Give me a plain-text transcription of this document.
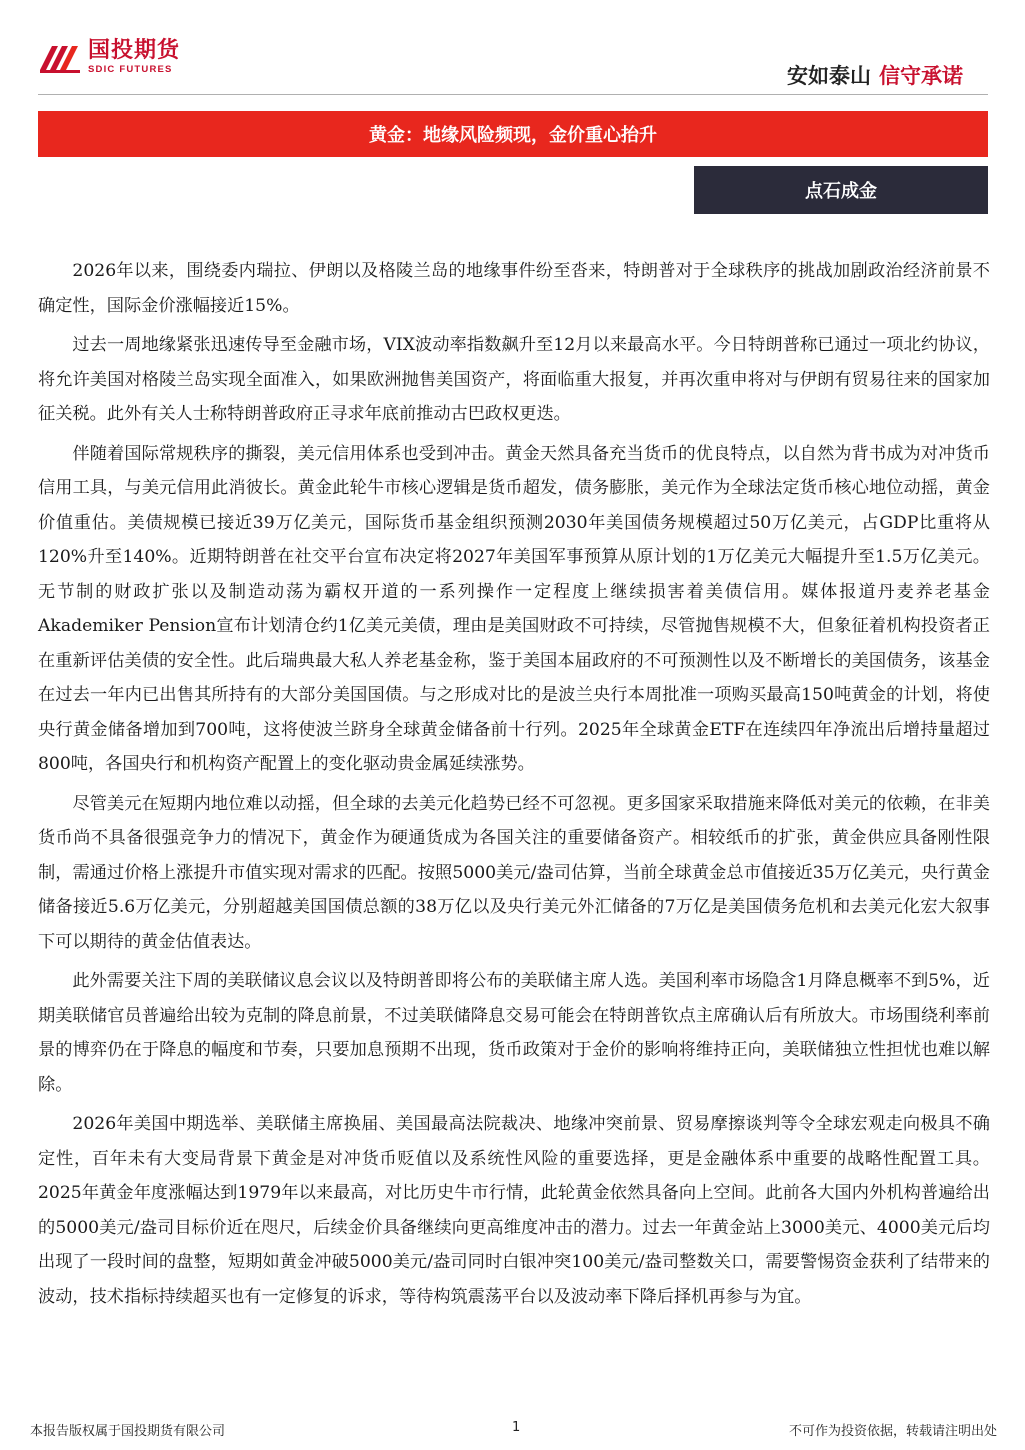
国投期货
SDIC FUTURES	安如泰山 信守承诺
黄金：地缘风险频现，金价重心抬升
点石成金

2026年以来，围绕委内瑞拉、伊朗以及格陵兰岛的地缘事件纷至沓来，特朗普对于全球秩序的挑战加剧政治经济前景不确定性，国际金价涨幅接近15%。

过去一周地缘紧张迅速传导至金融市场，VIX波动率指数飙升至12月以来最高水平。今日特朗普称已通过一项北约协议，将允许美国对格陵兰岛实现全面准入，如果欧洲抛售美国资产，将面临重大报复，并再次重申将对与伊朗有贸易往来的国家加征关税。此外有关人士称特朗普政府正寻求年底前推动古巴政权更迭。

伴随着国际常规秩序的撕裂，美元信用体系也受到冲击。黄金天然具备充当货币的优良特点，以自然为背书成为对冲货币信用工具，与美元信用此消彼长。黄金此轮牛市核心逻辑是货币超发，债务膨胀，美元作为全球法定货币核心地位动摇，黄金价值重估。美债规模已接近39万亿美元，国际货币基金组织预测2030年美国债务规模超过50万亿美元，占GDP比重将从120%升至140%。近期特朗普在社交平台宣布决定将2027年美国军事预算从原计划的1万亿美元大幅提升至1.5万亿美元。无节制的财政扩张以及制造动荡为霸权开道的一系列操作一定程度上继续损害着美债信用。媒体报道丹麦养老基金Akademiker Pension宣布计划清仓约1亿美元美债，理由是美国财政不可持续，尽管抛售规模不大，但象征着机构投资者正在重新评估美债的安全性。此后瑞典最大私人养老基金称，鉴于美国本届政府的不可预测性以及不断增长的美国债务，该基金在过去一年内已出售其所持有的大部分美国国债。与之形成对比的是波兰央行本周批准一项购买最高150吨黄金的计划，将使央行黄金储备增加到700吨，这将使波兰跻身全球黄金储备前十行列。2025年全球黄金ETF在连续四年净流出后增持量超过800吨，各国央行和机构资产配置上的变化驱动贵金属延续涨势。

尽管美元在短期内地位难以动摇，但全球的去美元化趋势已经不可忽视。更多国家采取措施来降低对美元的依赖，在非美货币尚不具备很强竞争力的情况下，黄金作为硬通货成为各国关注的重要储备资产。相较纸币的扩张，黄金供应具备刚性限制，需通过价格上涨提升市值实现对需求的匹配。按照5000美元/盎司估算，当前全球黄金总市值接近35万亿美元，央行黄金储备接近5.6万亿美元，分别超越美国国债总额的38万亿以及央行美元外汇储备的7万亿是美国债务危机和去美元化宏大叙事下可以期待的黄金估值表达。

此外需要关注下周的美联储议息会议以及特朗普即将公布的美联储主席人选。美国利率市场隐含1月降息概率不到5%，近期美联储官员普遍给出较为克制的降息前景，不过美联储降息交易可能会在特朗普钦点主席确认后有所放大。市场围绕利率前景的博弈仍在于降息的幅度和节奏，只要加息预期不出现，货币政策对于金价的影响将维持正向，美联储独立性担忧也难以解除。

2026年美国中期选举、美联储主席换届、美国最高法院裁决、地缘冲突前景、贸易摩擦谈判等令全球宏观走向极具不确定性，百年未有大变局背景下黄金是对冲货币贬值以及系统性风险的重要选择，更是金融体系中重要的战略性配置工具。2025年黄金年度涨幅达到1979年以来最高，对比历史牛市行情，此轮黄金依然具备向上空间。此前各大国内外机构普遍给出的5000美元/盎司目标价近在咫尺，后续金价具备继续向更高维度冲击的潜力。过去一年黄金站上3000美元、4000美元后均出现了一段时间的盘整，短期如黄金冲破5000美元/盎司同时白银冲突100美元/盎司整数关口，需要警惕资金获利了结带来的波动，技术指标持续超买也有一定修复的诉求，等待构筑震荡平台以及波动率下降后择机再参与为宜。

本报告版权属于国投期货有限公司	1	不可作为投资依据，转载请注明出处
